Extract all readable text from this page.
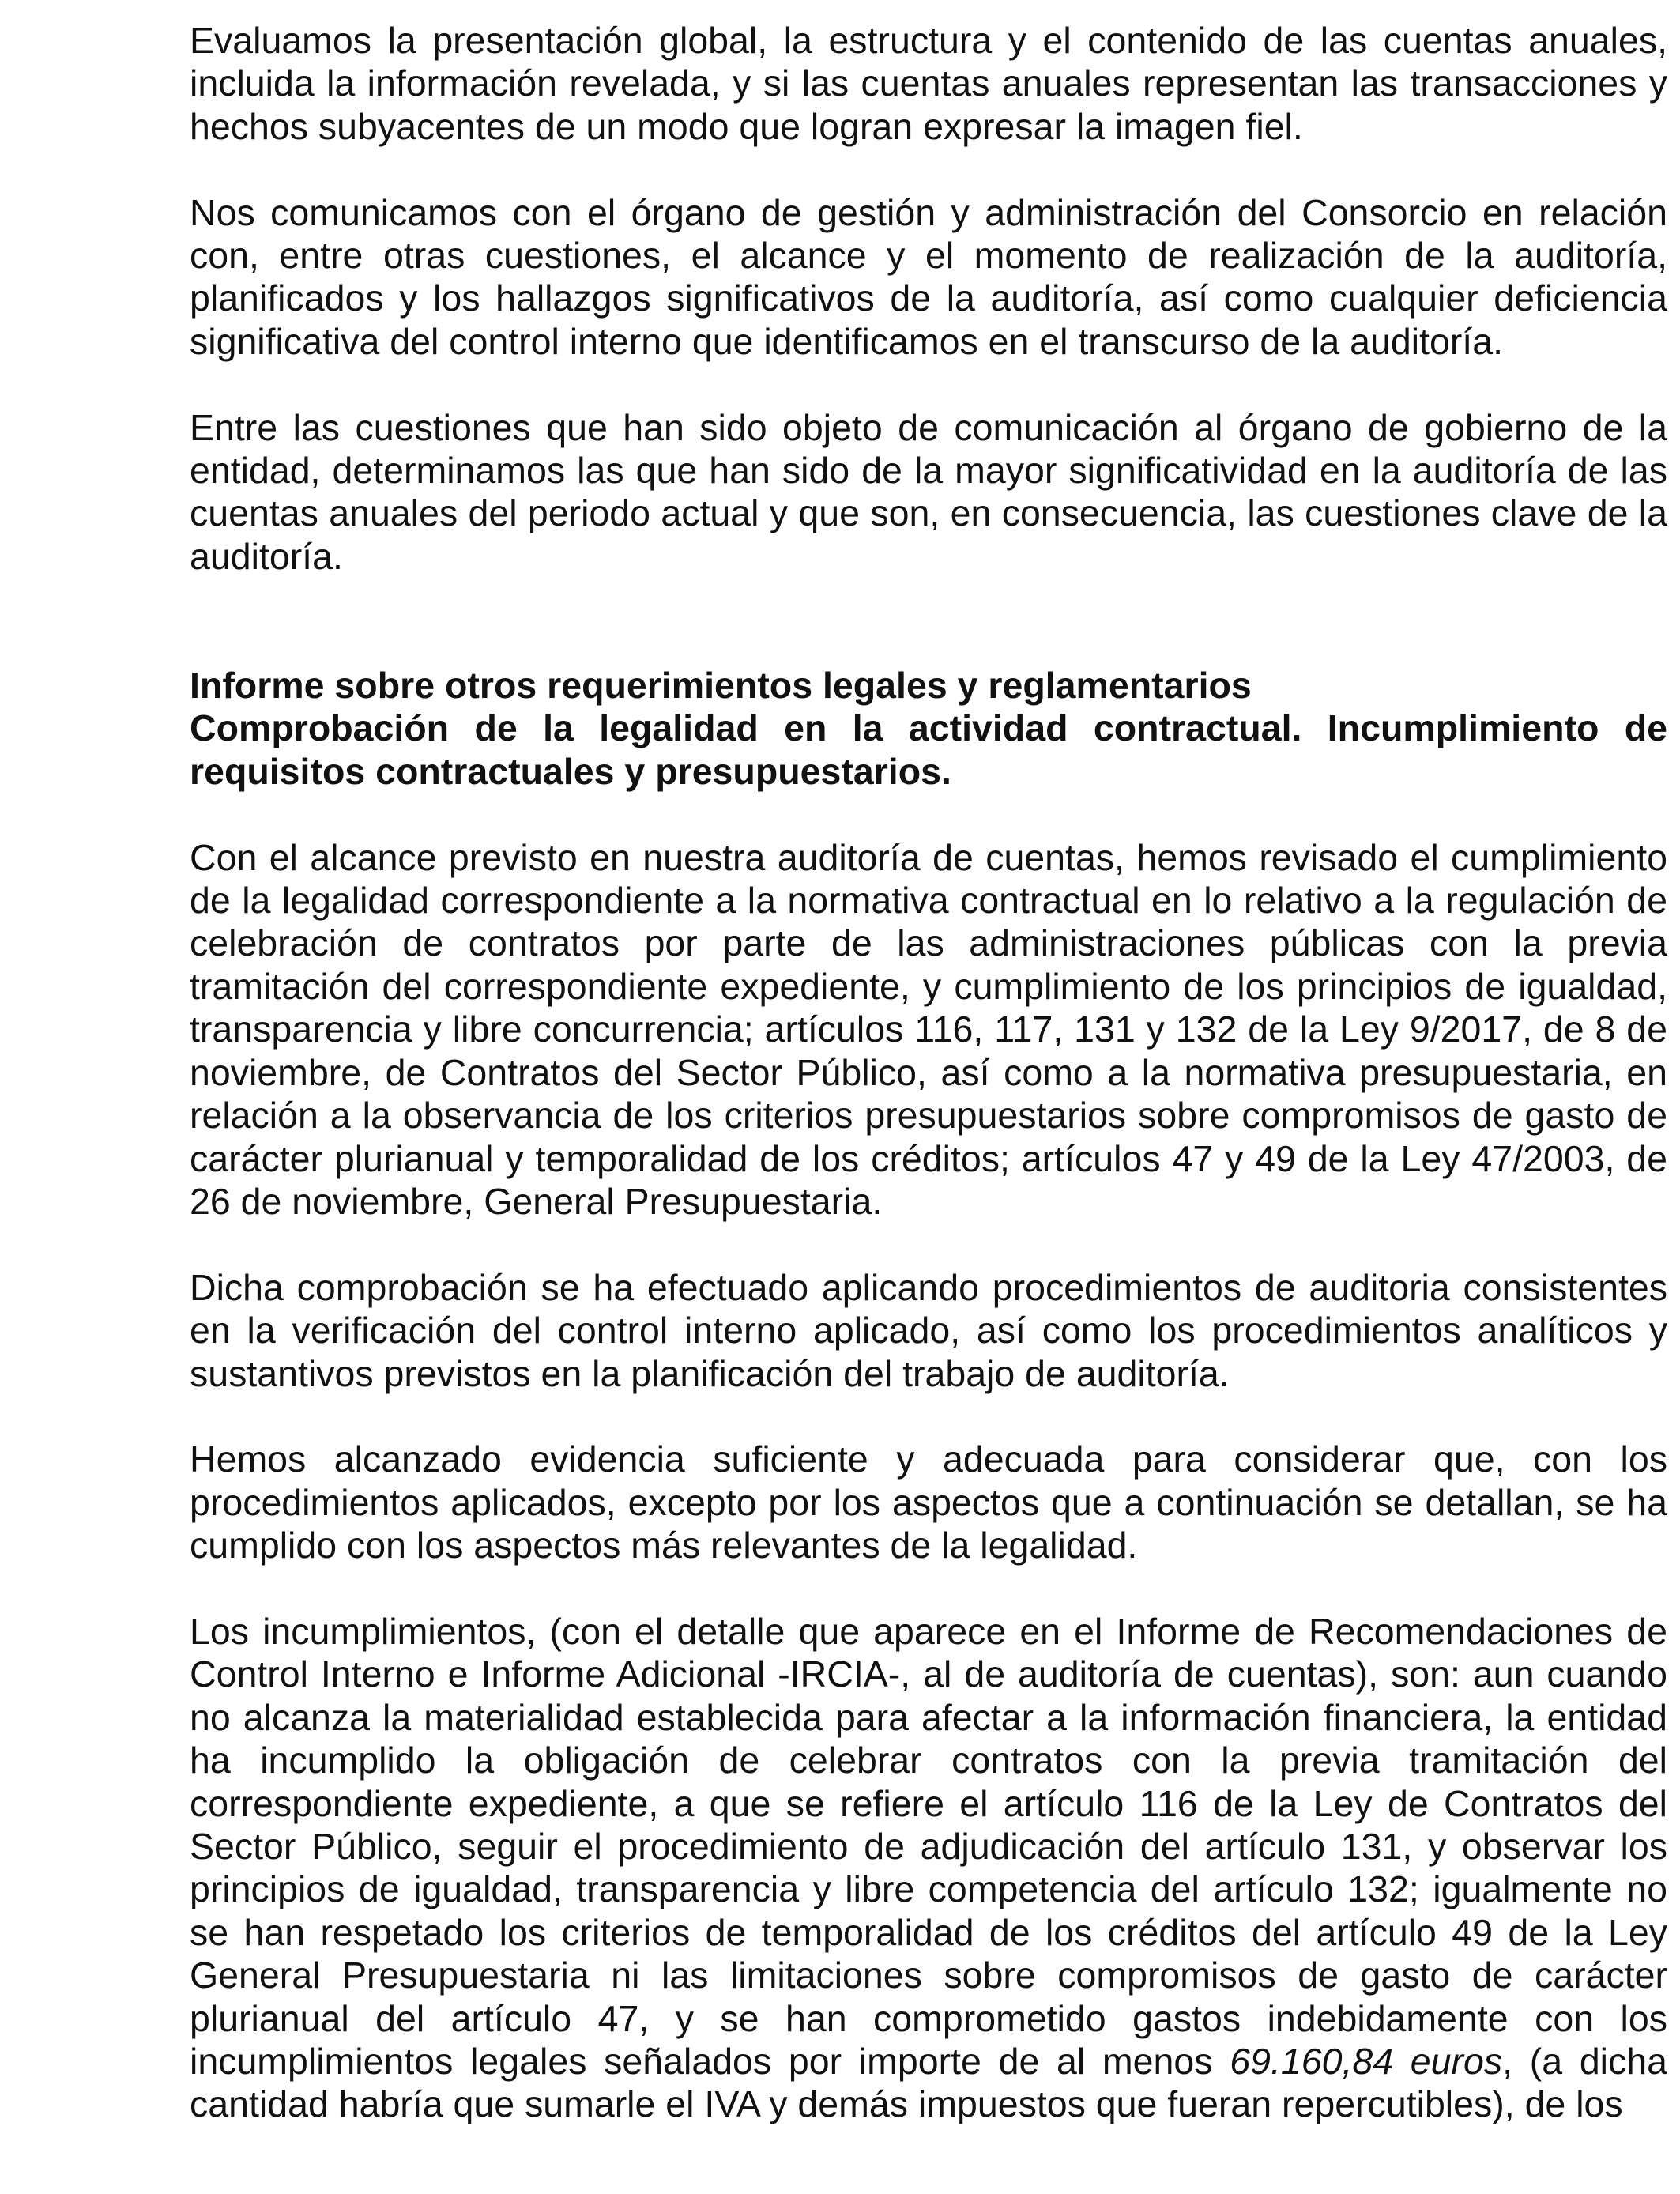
Evaluamos la presentación global, la estructura y el contenido de las cuentas anuales, incluida la información revelada, y si las cuentas anuales representan las transacciones y hechos subyacentes de un modo que logran expresar la imagen fiel.

Nos comunicamos con el órgano de gestión y administración del Consorcio en relación con, entre otras cuestiones, el alcance y el momento de realización de la auditoría, planificados y los hallazgos significativos de la auditoría, así como cualquier deficiencia significativa del control interno que identificamos en el transcurso de la auditoría.

Entre las cuestiones que han sido objeto de comunicación al órgano de gobierno de la entidad, determinamos las que han sido de la mayor significatividad en la auditoría de las cuentas anuales del periodo actual y que son, en consecuencia, las cuestiones clave de la auditoría.

Informe sobre otros requerimientos legales y reglamentarios

Comprobación de la legalidad en la actividad contractual. Incumplimiento de requisitos contractuales y presupuestarios.

Con el alcance previsto en nuestra auditoría de cuentas, hemos revisado el cumplimiento de la legalidad correspondiente a la normativa contractual en lo relativo a la regulación de celebración de contratos por parte de las administraciones públicas con la previa tramitación del correspondiente expediente, y cumplimiento de los principios de igualdad, transparencia y libre concurrencia; artículos 116, 117, 131 y 132 de la Ley 9/2017, de 8 de noviembre, de Contratos del Sector Público, así como a la normativa presupuestaria, en relación a la observancia de los criterios presupuestarios sobre compromisos de gasto de carácter plurianual y temporalidad de los créditos; artículos 47 y 49 de la Ley 47/2003, de 26 de noviembre, General Presupuestaria.

Dicha comprobación se ha efectuado aplicando procedimientos de auditoria consistentes en la verificación del control interno aplicado, así como los procedimientos analíticos y sustantivos previstos en la planificación del trabajo de auditoría.

Hemos alcanzado evidencia suficiente y adecuada para considerar que, con los procedimientos aplicados, excepto por los aspectos que a continuación se detallan, se ha cumplido con los aspectos más relevantes de la legalidad.

Los incumplimientos, (con el detalle que aparece en el Informe de Recomendaciones de Control Interno e Informe Adicional -IRCIA-, al de auditoría de cuentas), son: aun cuando no alcanza la materialidad establecida para afectar a la información financiera, la entidad ha incumplido la obligación de celebrar contratos con la previa tramitación del correspondiente expediente, a que se refiere el artículo 116 de la Ley de Contratos del Sector Público, seguir el procedimiento de adjudicación del artículo 131, y observar los principios de igualdad, transparencia y libre competencia del artículo 132; igualmente no se han respetado los criterios de temporalidad de los créditos del artículo 49 de la Ley General Presupuestaria ni las limitaciones sobre compromisos de gasto de carácter plurianual del artículo 47, y se han comprometido gastos indebidamente con los incumplimientos legales señalados por importe de al menos 69.160,84 euros, (a dicha cantidad habría que sumarle el IVA y demás impuestos que fueran repercutibles), de los
